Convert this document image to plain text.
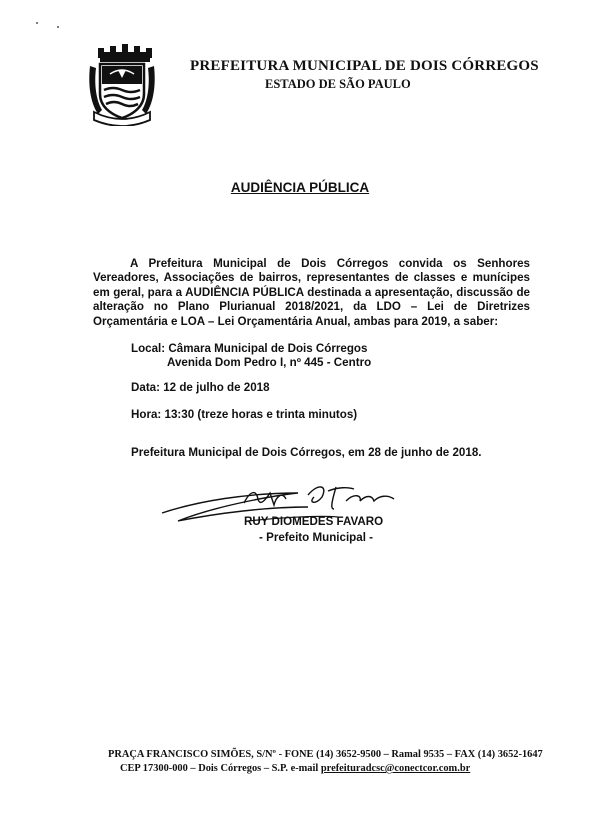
PREFEITURA MUNICIPAL DE DOIS CÓRREGOS
ESTADO DE SÃO PAULO
AUDIÊNCIA PÚBLICA
A Prefeitura Municipal de Dois Córregos convida os Senhores Vereadores, Associações de bairros, representantes de classes e munícipes em geral, para a AUDIÊNCIA PÚBLICA destinada a apresentação, discussão de alteração no Plano Plurianual 2018/2021, da LDO – Lei de Diretrizes Orçamentária e LOA – Lei Orçamentária Anual, ambas para 2019, a saber:
Local: Câmara Municipal de Dois Córregos
Avenida Dom Pedro I, nº 445 - Centro
Data: 12 de julho de 2018
Hora: 13:30 (treze horas e trinta minutos)
Prefeitura Municipal de Dois Córregos, em 28 de junho de 2018.
RUY DIOMEDES FAVARO
- Prefeito Municipal -
PRAÇA FRANCISCO SIMÕES, S/Nº - FONE (14) 3652-9500 – Ramal 9535 – FAX (14) 3652-1647
CEP 17300-000 – Dois Córregos – S.P. e-mail prefeituradcsc@conectcor.com.br
